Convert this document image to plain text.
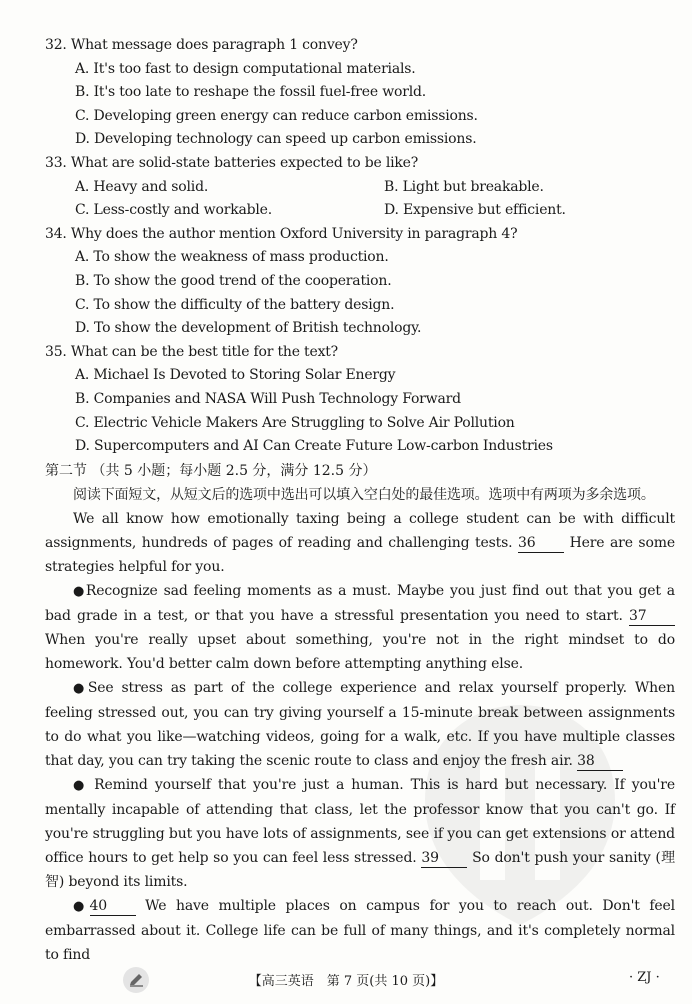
32. What message does paragraph 1 convey?
A. It's too fast to design computational materials.
B. It's too late to reshape the fossil fuel-free world.
C. Developing green energy can reduce carbon emissions.
D. Developing technology can speed up carbon emissions.
33. What are solid-state batteries expected to be like?
A. Heavy and solid.	B. Light but breakable.
C. Less-costly and workable.	D. Expensive but efficient.
34. Why does the author mention Oxford University in paragraph 4?
A. To show the weakness of mass production.
B. To show the good trend of the cooperation.
C. To show the difficulty of the battery design.
D. To show the development of British technology.
35. What can be the best title for the text?
A. Michael Is Devoted to Storing Solar Energy
B. Companies and NASA Will Push Technology Forward
C. Electric Vehicle Makers Are Struggling to Solve Air Pollution
D. Supercomputers and AI Can Create Future Low-carbon Industries
第二节 （共 5 小题；每小题 2.5 分，满分 12.5 分）
阅读下面短文，从短文后的选项中选出可以填入空白处的最佳选项。选项中有两项为多余选项。
We all know how emotionally taxing being a college student can be with difficult assignments, hundreds of pages of reading and challenging tests. 36 Here are some strategies helpful for you.
●Recognize sad feeling moments as a must. Maybe you just find out that you get a bad grade in a test, or that you have a stressful presentation you need to start. 37 When you're really upset about something, you're not in the right mindset to do homework. You'd better calm down before attempting anything else.
●See stress as part of the college experience and relax yourself properly. When feeling stressed out, you can try giving yourself a 15-minute break between assignments to do what you like—watching videos, going for a walk, etc. If you have multiple classes that day, you can try taking the scenic route to class and enjoy the fresh air. 38
● Remind yourself that you're just a human. This is hard but necessary. If you're mentally incapable of attending that class, let the professor know that you can't go. If you're struggling but you have lots of assignments, see if you can get extensions or attend office hours to get help so you can feel less stressed. 39 So don't push your sanity (理智) beyond its limits.
●40	We have multiple places on campus for you to reach out. Don't feel embarrassed about it. College life can be full of many things, and it's completely normal to find
【高三英语　第 7 页(共 10 页)】	· ZJ ·
